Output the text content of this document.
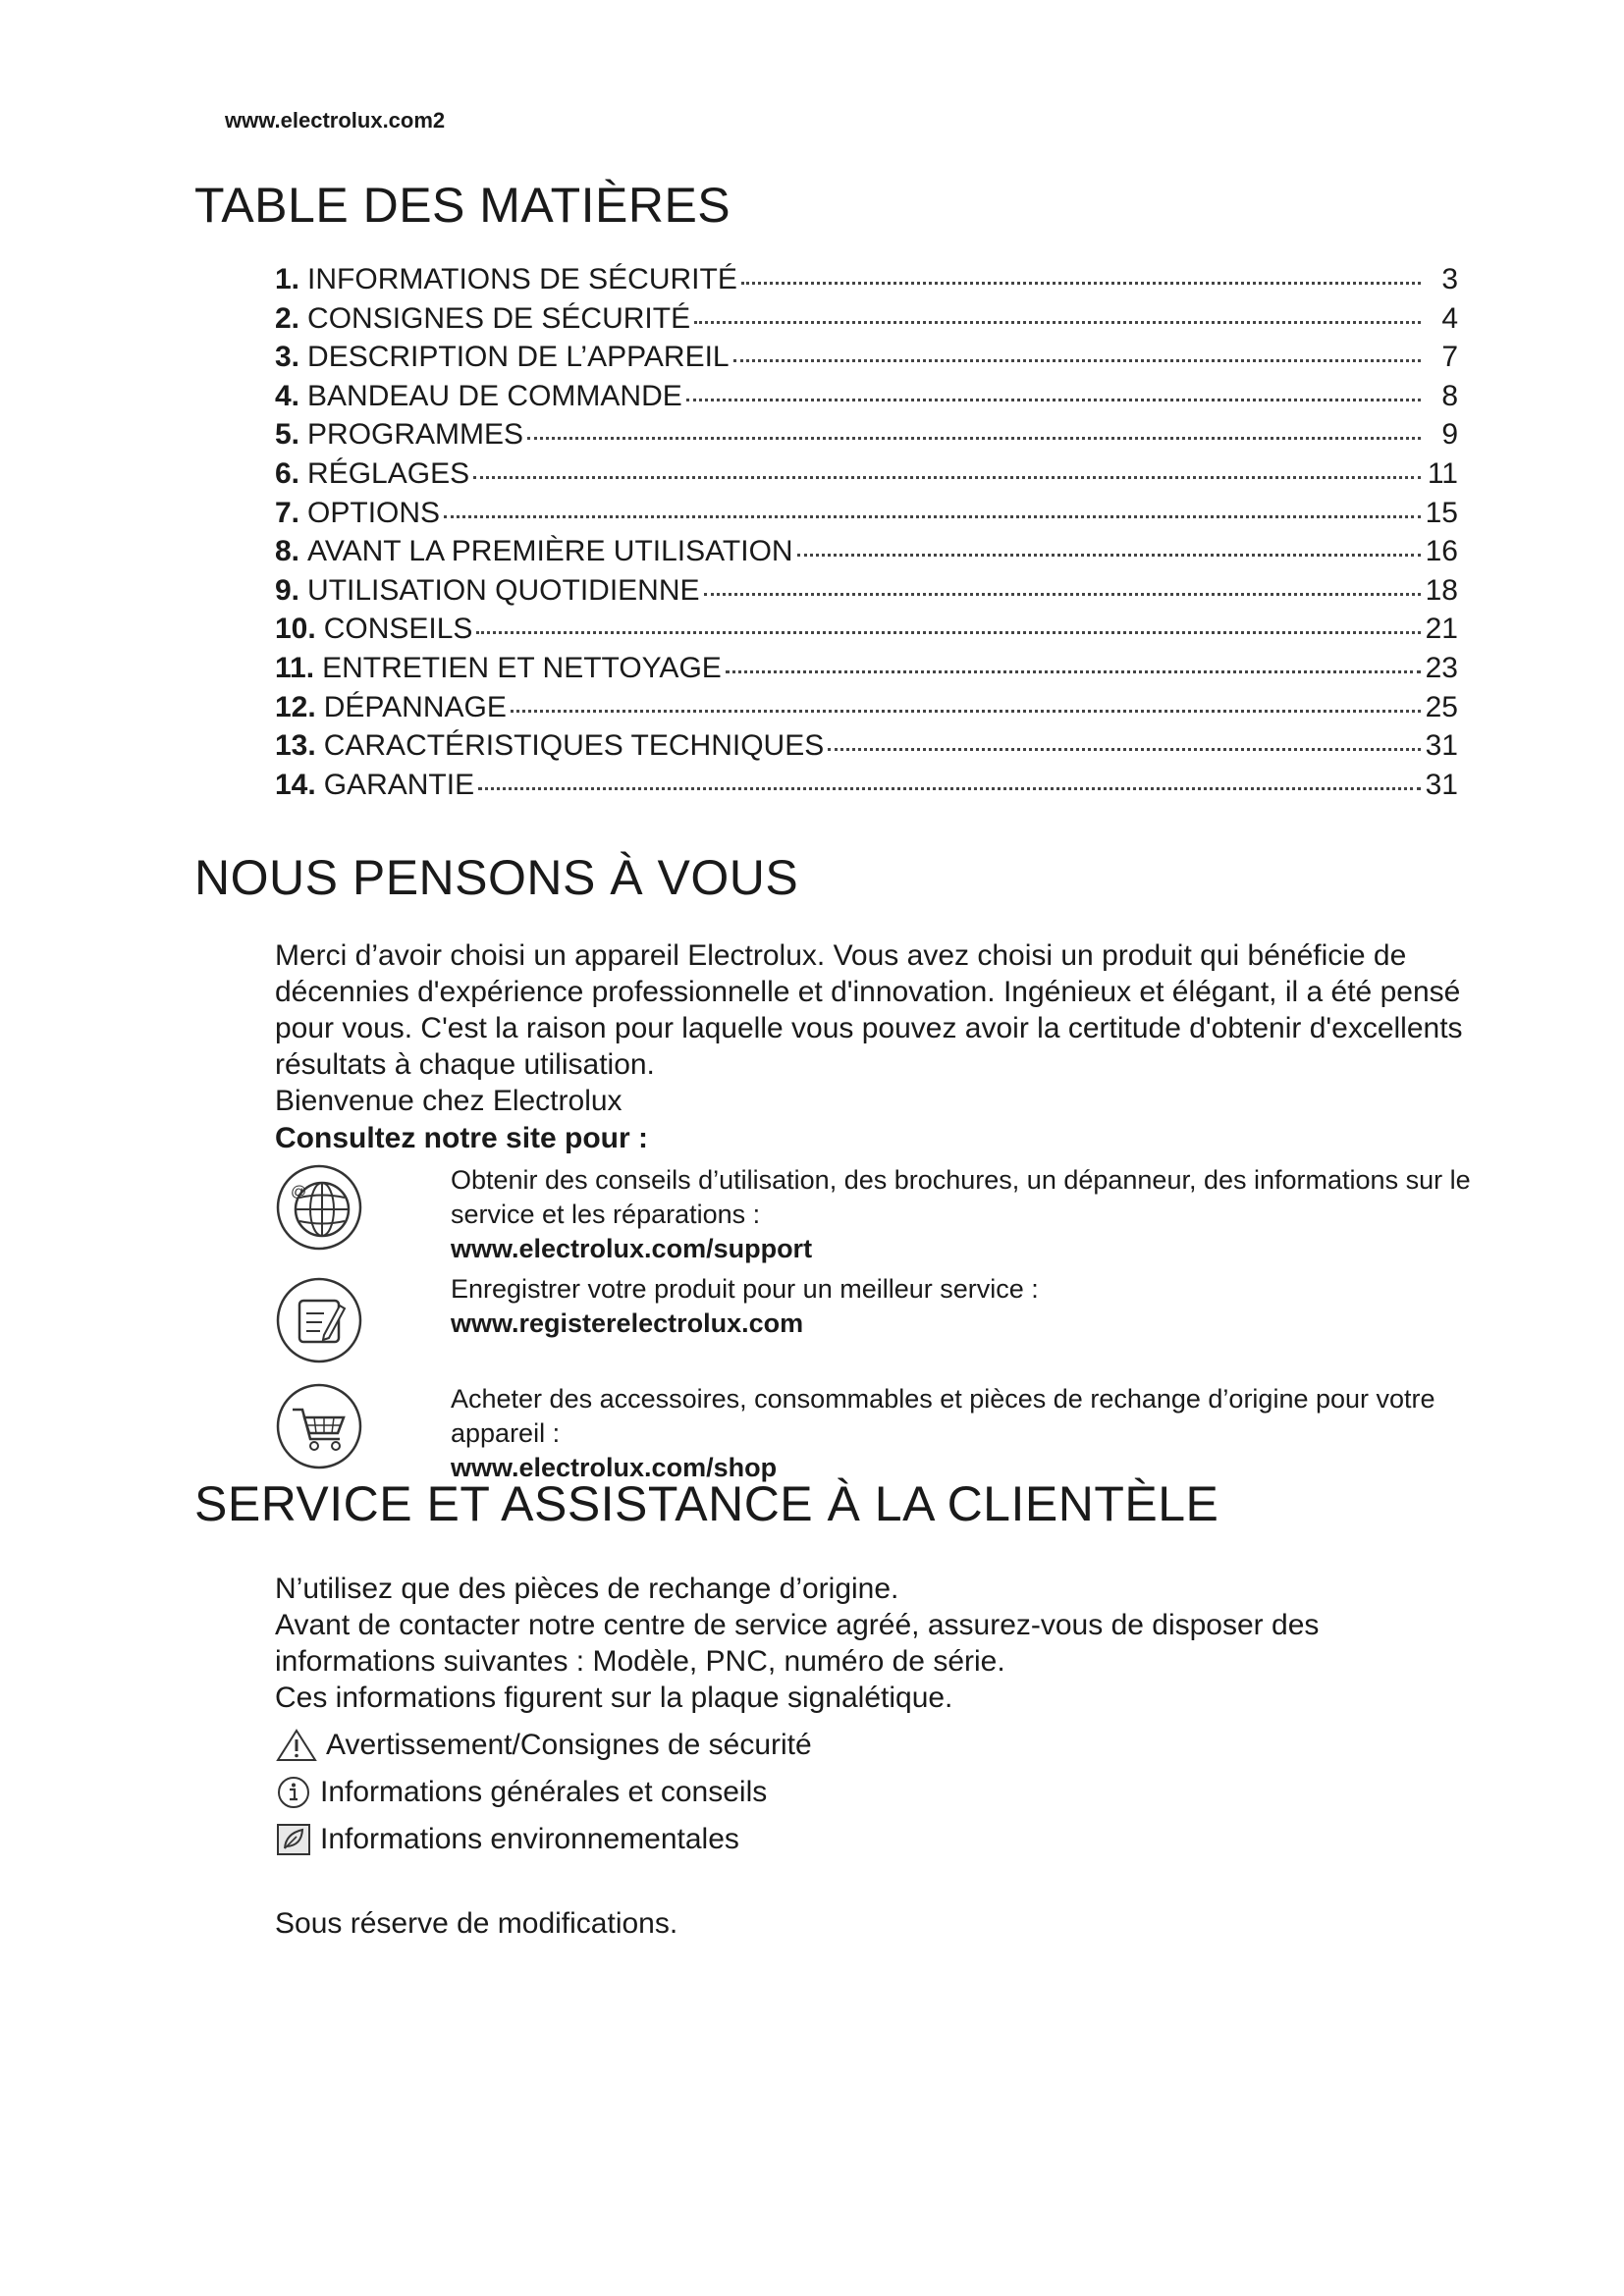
www.electrolux.com2
TABLE DES MATIÈRES
1. INFORMATIONS DE SÉCURITÉ	3
2. CONSIGNES DE SÉCURITÉ	4
3. DESCRIPTION DE L’APPAREIL	7
4. BANDEAU DE COMMANDE	8
5. PROGRAMMES	9
6. RÉGLAGES	11
7. OPTIONS	15
8. AVANT LA PREMIÈRE UTILISATION	16
9. UTILISATION QUOTIDIENNE	18
10. CONSEILS	21
11. ENTRETIEN ET NETTOYAGE	23
12. DÉPANNAGE	25
13. CARACTÉRISTIQUES TECHNIQUES	31
14. GARANTIE	31
NOUS PENSONS À VOUS
Merci d’avoir choisi un appareil Electrolux. Vous avez choisi un produit qui bénéficie de décennies d'expérience professionnelle et d'innovation. Ingénieux et élégant, il a été pensé pour vous. C'est la raison pour laquelle vous pouvez avoir la certitude d'obtenir d'excellents résultats à chaque utilisation.
Bienvenue chez Electrolux
Consultez notre site pour :
@	Obtenir des conseils d’utilisation, des brochures, un dépanneur, des informations sur le service et les réparations :
www.electrolux.com/support
Enregistrer votre produit pour un meilleur service :
www.registerelectrolux.com
Acheter des accessoires, consommables et pièces de rechange d’origine pour votre appareil :
www.electrolux.com/shop
SERVICE ET ASSISTANCE À LA CLIENTÈLE
N’utilisez que des pièces de rechange d’origine.
Avant de contacter notre centre de service agréé, assurez-vous de disposer des informations suivantes : Modèle, PNC, numéro de série.
Ces informations figurent sur la plaque signalétique.
Avertissement/Consignes de sécurité
Informations générales et conseils
Informations environnementales
Sous réserve de modifications.
